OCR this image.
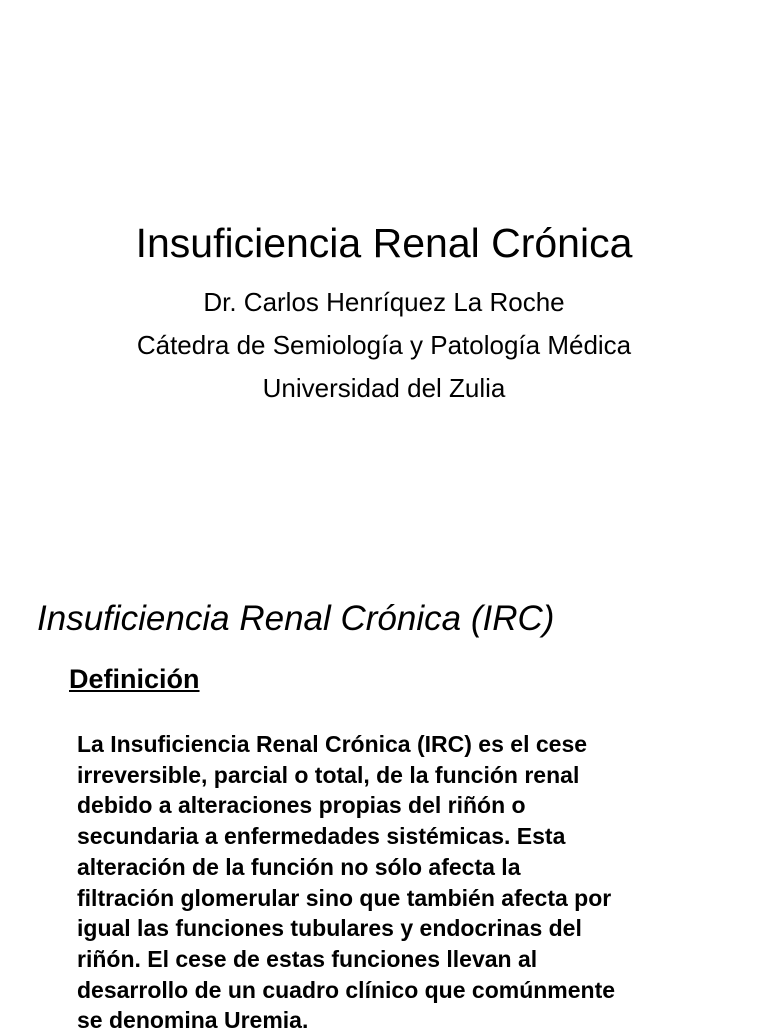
Insuficiencia Renal Crónica
Dr. Carlos Henríquez La Roche
Cátedra de Semiología y Patología Médica
Universidad del Zulia
Insuficiencia Renal Crónica (IRC)
Definición

La Insuficiencia Renal Crónica (IRC) es el cese
irreversible, parcial o total, de la función renal
debido a alteraciones propias del riñón o
secundaria a enfermedades sistémicas. Esta
alteración de la función no sólo afecta la
filtración glomerular sino que también afecta por
igual las funciones tubulares y endocrinas del
riñón. El cese de estas funciones llevan al
desarrollo de un cuadro clínico que comúnmente
se denomina Uremia.
